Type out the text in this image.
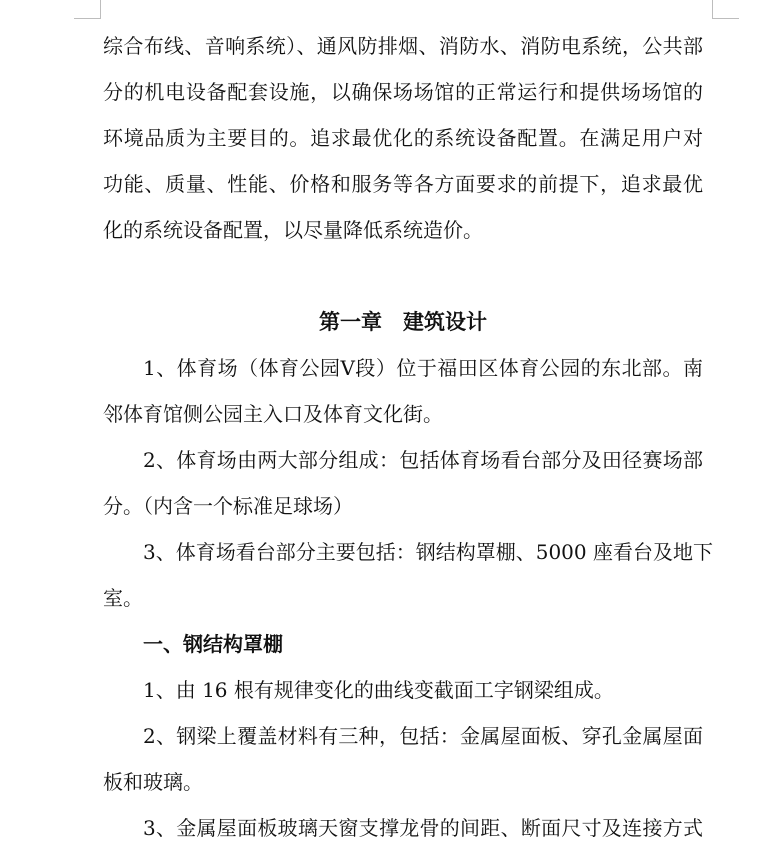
综合布线、音响系统）、通风防排烟、消防水、消防电系统，公共部
分的机电设备配套设施，以确保场场馆的正常运行和提供场场馆的
环境品质为主要目的。追求最优化的系统设备配置。在满足用户对
功能、质量、性能、价格和服务等各方面要求的前提下，追求最优
化的系统设备配置，以尽量降低系统造价。
第一章　建筑设计
1、体育场（体育公园Ⅴ段）位于福田区体育公园的东北部。南
邻体育馆侧公园主入口及体育文化街。
2、体育场由两大部分组成：包括体育场看台部分及田径赛场部
分。（内含一个标准足球场）
3、体育场看台部分主要包括：钢结构罩棚、5000 座看台及地下
室。
一、钢结构罩棚
1、由 16 根有规律变化的曲线变截面工字钢梁组成。
2、钢梁上覆盖材料有三种，包括：金属屋面板、穿孔金属屋面
板和玻璃。
3、金属屋面板玻璃天窗支撑龙骨的间距、断面尺寸及连接方式
